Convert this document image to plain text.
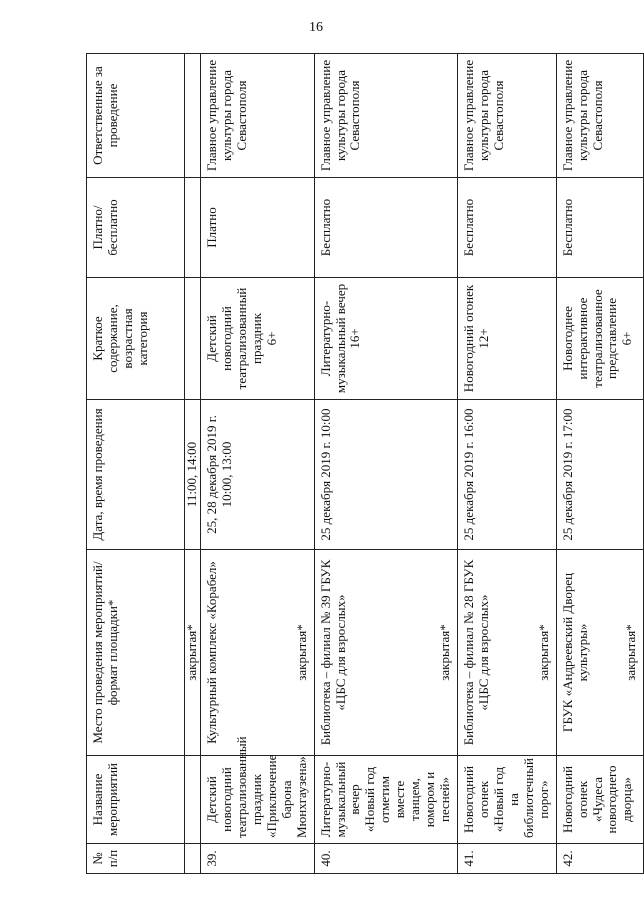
16
№ п/п	Название мероприятий	Место проведения мероприятий/ формат площадки*	Дата, время проведения	Краткое содержание, возрастная категория	Платно/ бесплатно	Ответственные за проведение
		закрытая*	11:00, 14:00			
39.	Детский новогодний театрализованный праздник «Приключение барона Мюнхгаузена»	Культурный комплекс «Корабел» закрытая*	25, 28 декабря 2019 г. 10:00, 13:00	Детский новогодний театрализованный праздник 6+	Платно	Главное управление культуры города Севастополя
40.	Литературно-музыкальный вечер «Новый год отметим вместе танцем, юмором и песней»	Библиотека – филиал № 39 ГБУК «ЦБС для взрослых» закрытая*	25 декабря 2019 г. 10:00	Литературно-музыкальный вечер 16+	Бесплатно	Главное управление культуры города Севастополя
41.	Новогодний огонек «Новый год на библиотечный порог»	Библиотека – филиал № 28 ГБУК «ЦБС для взрослых» закрытая*	25 декабря 2019 г. 16:00	Новогодний огонек 12+	Бесплатно	Главное управление культуры города Севастополя
42.	Новогодний огонек «Чудеса новогоднего дворца»	ГБУК «Андреевский Дворец культуры» закрытая*	25 декабря 2019 г. 17:00	Новогоднее интерактивное театрализованное представление 6+	Бесплатно	Главное управление культуры города Севастополя
